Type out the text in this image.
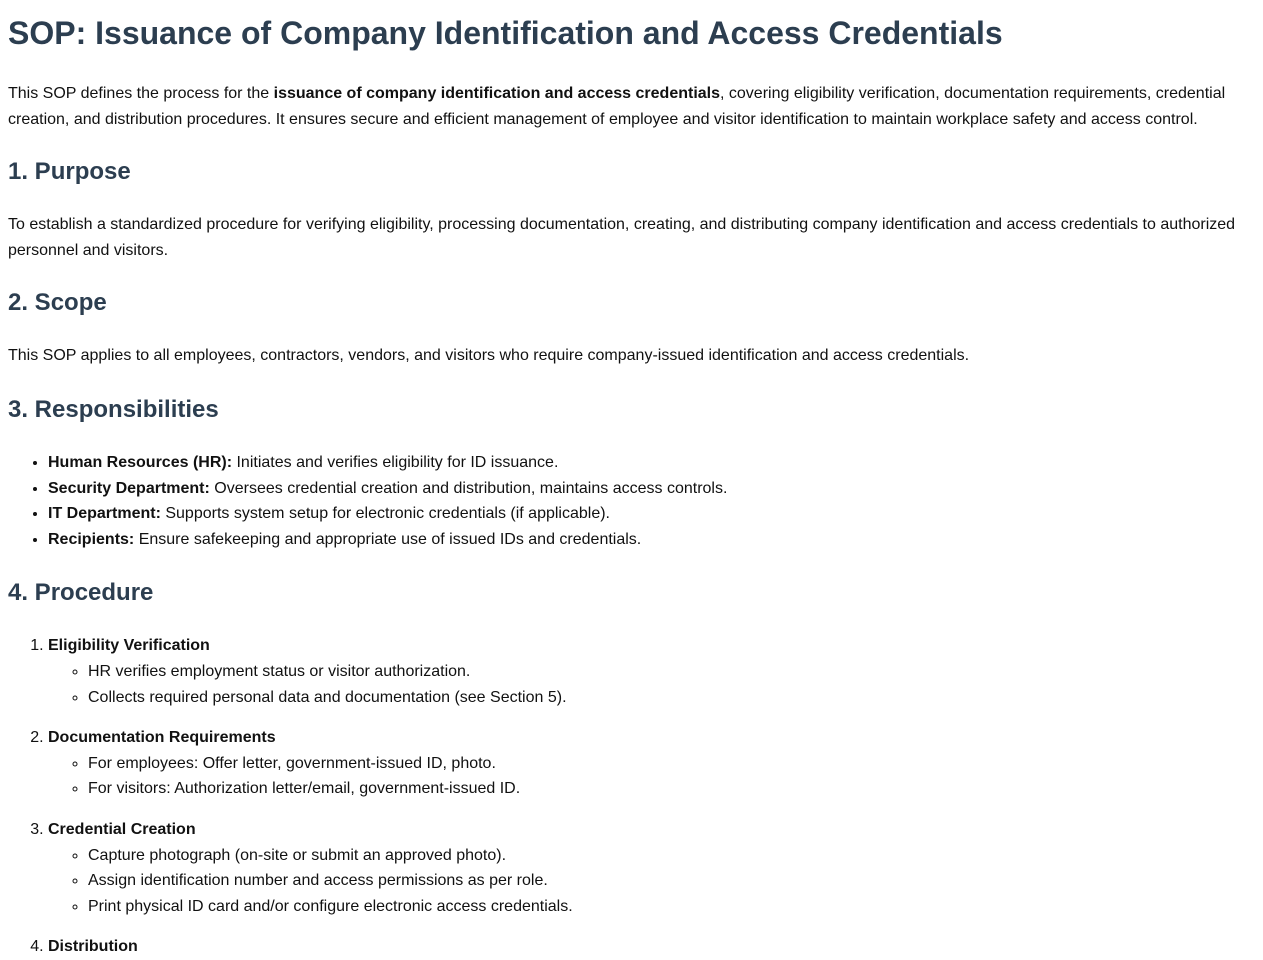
SOP: Issuance of Company Identification and Access Credentials

This SOP defines the process for the issuance of company identification and access credentials, covering eligibility verification, documentation requirements, credential creation, and distribution procedures. It ensures secure and efficient management of employee and visitor identification to maintain workplace safety and access control.

1. Purpose

To establish a standardized procedure for verifying eligibility, processing documentation, creating, and distributing company identification and access credentials to authorized personnel and visitors.

2. Scope

This SOP applies to all employees, contractors, vendors, and visitors who require company-issued identification and access credentials.

3. Responsibilities
• Human Resources (HR): Initiates and verifies eligibility for ID issuance.
• Security Department: Oversees credential creation and distribution, maintains access controls.
• IT Department: Supports system setup for electronic credentials (if applicable).
• Recipients: Ensure safekeeping and appropriate use of issued IDs and credentials.
4. Procedure
1. Eligibility Verification
◦ HR verifies employment status or visitor authorization.
◦ Collects required personal data and documentation (see Section 5).
2. Documentation Requirements
◦ For employees: Offer letter, government-issued ID, photo.
◦ For visitors: Authorization letter/email, government-issued ID.
3. Credential Creation
◦ Capture photograph (on-site or submit an approved photo).
◦ Assign identification number and access permissions as per role.
◦ Print physical ID card and/or configure electronic access credentials.
4. Distribution
